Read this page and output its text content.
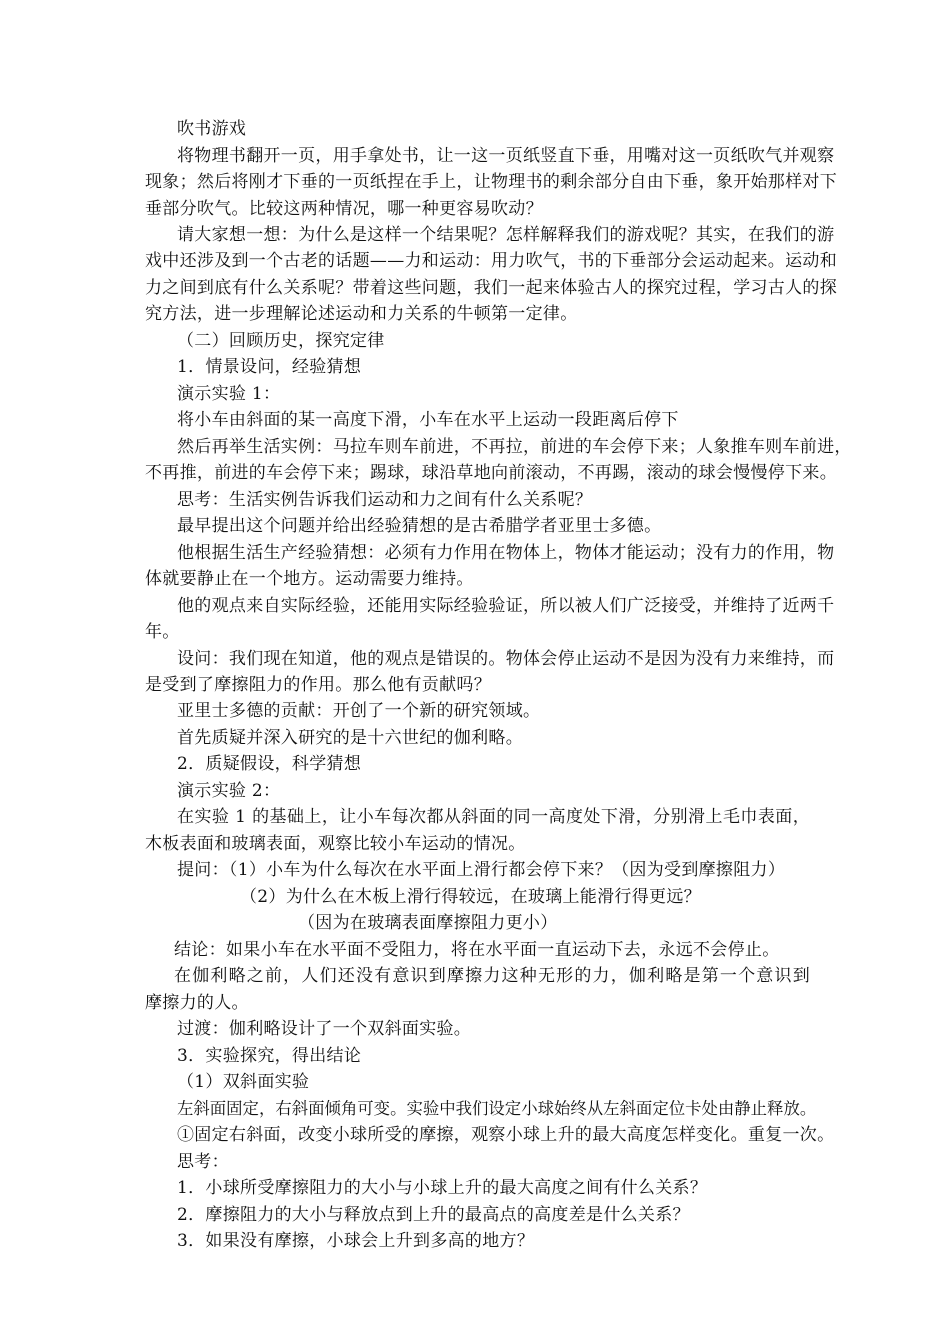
吹书游戏
将物理书翻开一页，用手拿处书，让一这一页纸竖直下垂，用嘴对这一页纸吹气并观察
现象；然后将刚才下垂的一页纸捏在手上，让物理书的剩余部分自由下垂，象开始那样对下
垂部分吹气。比较这两种情况，哪一种更容易吹动？
请大家想一想：为什么是这样一个结果呢？怎样解释我们的游戏呢？其实，在我们的游
戏中还涉及到一个古老的话题——力和运动：用力吹气，书的下垂部分会运动起来。运动和
力之间到底有什么关系呢？带着这些问题，我们一起来体验古人的探究过程，学习古人的探
究方法，进一步理解论述运动和力关系的牛顿第一定律。
（二）回顾历史，探究定律
1．情景设问，经验猜想
演示实验 1：
将小车由斜面的某一高度下滑，小车在水平上运动一段距离后停下
然后再举生活实例：马拉车则车前进，不再拉，前进的车会停下来；人象推车则车前进，
不再推，前进的车会停下来；踢球，球沿草地向前滚动，不再踢，滚动的球会慢慢停下来。
思考：生活实例告诉我们运动和力之间有什么关系呢？
最早提出这个问题并给出经验猜想的是古希腊学者亚里士多德。
他根据生活生产经验猜想：必须有力作用在物体上，物体才能运动；没有力的作用，物
体就要静止在一个地方。运动需要力维持。
他的观点来自实际经验，还能用实际经验验证，所以被人们广泛接受，并维持了近两千
年。
设问：我们现在知道，他的观点是错误的。物体会停止运动不是因为没有力来维持，而
是受到了摩擦阻力的作用。那么他有贡献吗？
亚里士多德的贡献：开创了一个新的研究领域。
首先质疑并深入研究的是十六世纪的伽利略。
2．质疑假设，科学猜想
演示实验 2：
在实验 1 的基础上，让小车每次都从斜面的同一高度处下滑，分别滑上毛巾表面，
木板表面和玻璃表面，观察比较小车运动的情况。
提问：（1）小车为什么每次在水平面上滑行都会停下来？（因为受到摩擦阻力）
（2）为什么在木板上滑行得较远，在玻璃上能滑行得更远？
（因为在玻璃表面摩擦阻力更小）
结论：如果小车在水平面不受阻力，将在水平面一直运动下去，永远不会停止。
在伽利略之前，人们还没有意识到摩擦力这种无形的力，伽利略是第一个意识到
摩擦力的人。
过渡：伽利略设计了一个双斜面实验。
3．实验探究，得出结论
（1）双斜面实验
左斜面固定，右斜面倾角可变。实验中我们设定小球始终从左斜面定位卡处由静止释放。
①固定右斜面，改变小球所受的摩擦，观察小球上升的最大高度怎样变化。重复一次。
思考：
1．小球所受摩擦阻力的大小与小球上升的最大高度之间有什么关系？
2．摩擦阻力的大小与释放点到上升的最高点的高度差是什么关系？
3．如果没有摩擦，小球会上升到多高的地方？
